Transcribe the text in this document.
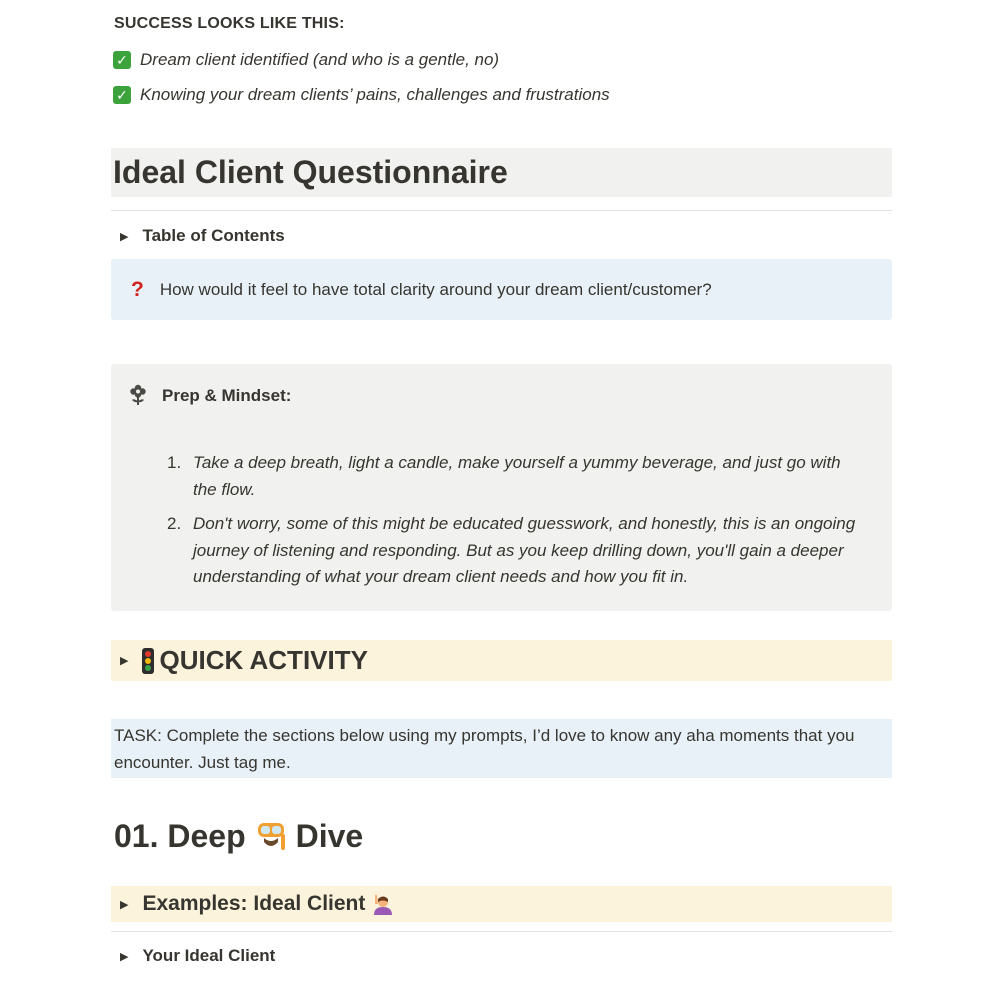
SUCCESS LOOKS LIKE THIS:
✓ Dream client identified (and who is a gentle, no)
✓ Knowing your dream clients’ pains, challenges and frustrations
Ideal Client Questionnaire
▶ Table of Contents
? How would it feel to have total clarity around your dream client/customer?
Prep & Mindset:
1. Take a deep breath, light a candle, make yourself a yummy beverage, and just go with the flow.
2. Don't worry, some of this might be educated guesswork, and honestly, this is an ongoing journey of listening and responding. But as you keep drilling down, you'll gain a deeper understanding of what your dream client needs and how you fit in.
▶ QUICK ACTIVITY
TASK: Complete the sections below using my prompts, I’d love to know any aha moments that you encounter. Just tag me.
01. Deep Dive
▶ Examples: Ideal Client
▶ Your Ideal Client
